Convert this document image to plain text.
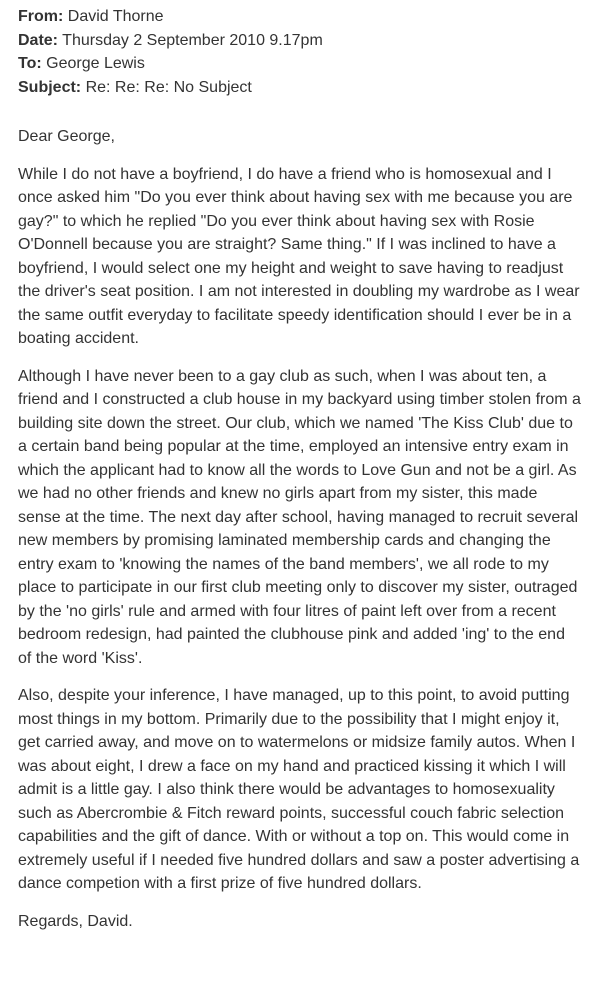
From: David Thorne
Date: Thursday 2 September 2010 9.17pm
To: George Lewis
Subject: Re: Re: Re: No Subject

Dear George,

While I do not have a boyfriend, I do have a friend who is homosexual and I once asked him "Do you ever think about having sex with me because you are gay?" to which he replied "Do you ever think about having sex with Rosie O'Donnell because you are straight? Same thing." If I was inclined to have a boyfriend, I would select one my height and weight to save having to readjust the driver's seat position. I am not interested in doubling my wardrobe as I wear the same outfit everyday to facilitate speedy identification should I ever be in a boating accident.

Although I have never been to a gay club as such, when I was about ten, a friend and I constructed a club house in my backyard using timber stolen from a building site down the street. Our club, which we named 'The Kiss Club' due to a certain band being popular at the time, employed an intensive entry exam in which the applicant had to know all the words to Love Gun and not be a girl. As we had no other friends and knew no girls apart from my sister, this made sense at the time. The next day after school, having managed to recruit several new members by promising laminated membership cards and changing the entry exam to 'knowing the names of the band members', we all rode to my place to participate in our first club meeting only to discover my sister, outraged by the 'no girls' rule and armed with four litres of paint left over from a recent bedroom redesign, had painted the clubhouse pink and added 'ing' to the end of the word 'Kiss'.

Also, despite your inference, I have managed, up to this point, to avoid putting most things in my bottom. Primarily due to the possibility that I might enjoy it, get carried away, and move on to watermelons or midsize family autos. When I was about eight, I drew a face on my hand and practiced kissing it which I will admit is a little gay. I also think there would be advantages to homosexuality such as Abercrombie & Fitch reward points, successful couch fabric selection capabilities and the gift of dance. With or without a top on. This would come in extremely useful if I needed five hundred dollars and saw a poster advertising a dance competion with a first prize of five hundred dollars.

Regards, David.
